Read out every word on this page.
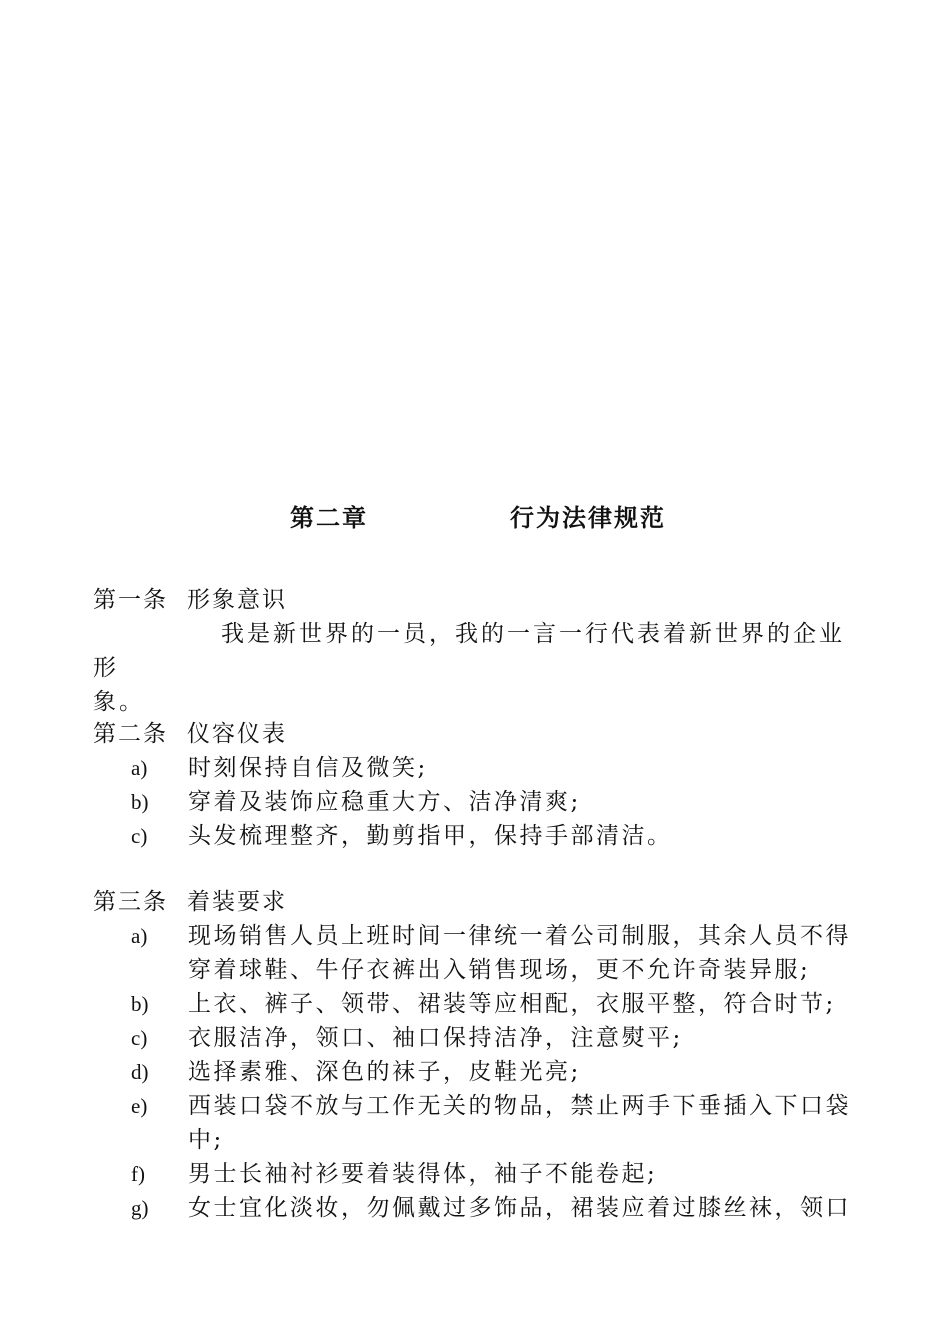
第二章	行为法律规范
第一条 形象意识

我是新世界的一员，我的一言一行代表着新世界的企业形

象。
第二条 仪容仪表
a) 时刻保持自信及微笑;
b) 穿着及装饰应稳重大方、洁净清爽;
c) 头发梳理整齐，勤剪指甲，保持手部清洁。
第三条 着装要求
a) 现场销售人员上班时间一律统一着公司制服，其余人员不得穿着球鞋、牛仔衣裤出入销售现场，更不允许奇装异服;
b) 上衣、裤子、领带、裙装等应相配，衣服平整，符合时节;
c) 衣服洁净，领口、袖口保持洁净，注意熨平;
d) 选择素雅、深色的袜子，皮鞋光亮;
e) 西装口袋不放与工作无关的物品，禁止两手下垂插入下口袋中;
f) 男士长袖衬衫要着装得体，袖子不能卷起;
g) 女士宜化淡妆，勿佩戴过多饰品，裙装应着过膝丝袜，领口
